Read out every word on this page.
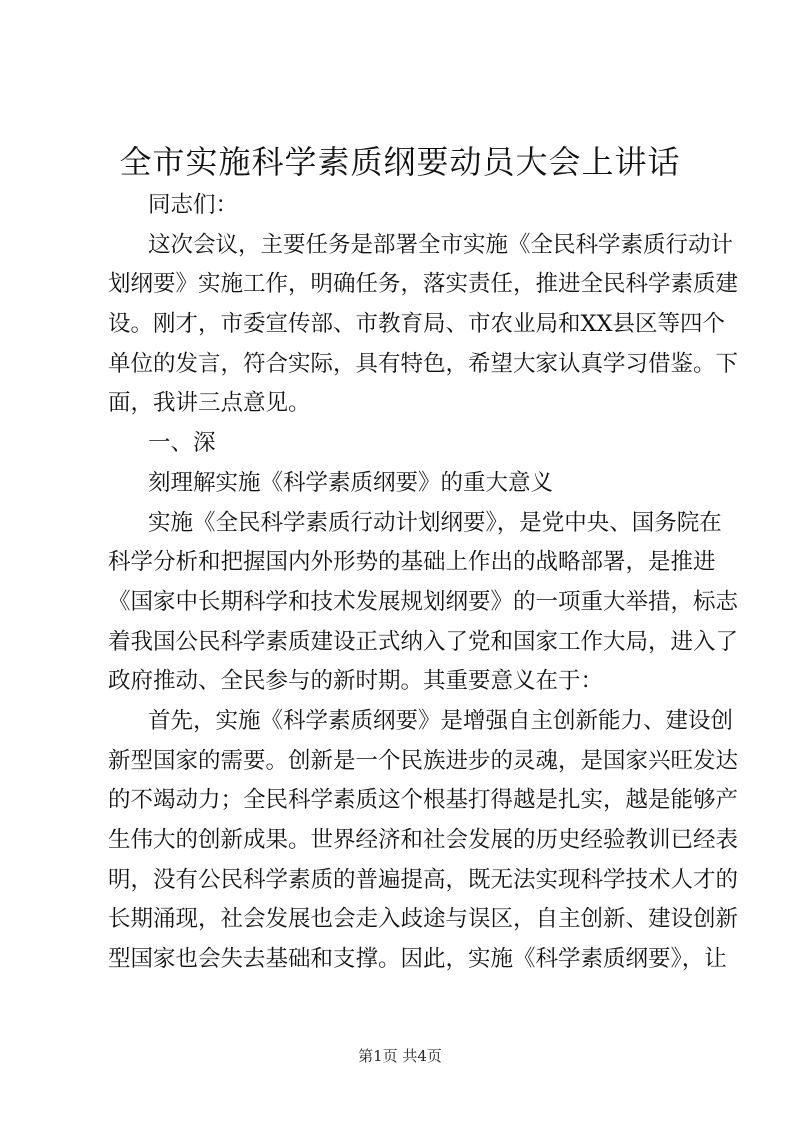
全市实施科学素质纲要动员大会上讲话
同志们：
这次会议，主要任务是部署全市实施《全民科学素质行动计
划纲要》实施工作，明确任务，落实责任，推进全民科学素质建
设。刚才，市委宣传部、市教育局、市农业局和XX县区等四个
单位的发言，符合实际，具有特色，希望大家认真学习借鉴。下
面，我讲三点意见。
一、深
刻理解实施《科学素质纲要》的重大意义
实施《全民科学素质行动计划纲要》，是党中央、国务院在
科学分析和把握国内外形势的基础上作出的战略部署，是推进
《国家中长期科学和技术发展规划纲要》的一项重大举措，标志
着我国公民科学素质建设正式纳入了党和国家工作大局，进入了
政府推动、全民参与的新时期。其重要意义在于：
首先，实施《科学素质纲要》是增强自主创新能力、建设创
新型国家的需要。创新是一个民族进步的灵魂，是国家兴旺发达
的不竭动力；全民科学素质这个根基打得越是扎实，越是能够产
生伟大的创新成果。世界经济和社会发展的历史经验教训已经表
明，没有公民科学素质的普遍提高，既无法实现科学技术人才的
长期涌现，社会发展也会走入歧途与误区，自主创新、建设创新
型国家也会失去基础和支撑。因此，实施《科学素质纲要》，让
第1页 共4页
